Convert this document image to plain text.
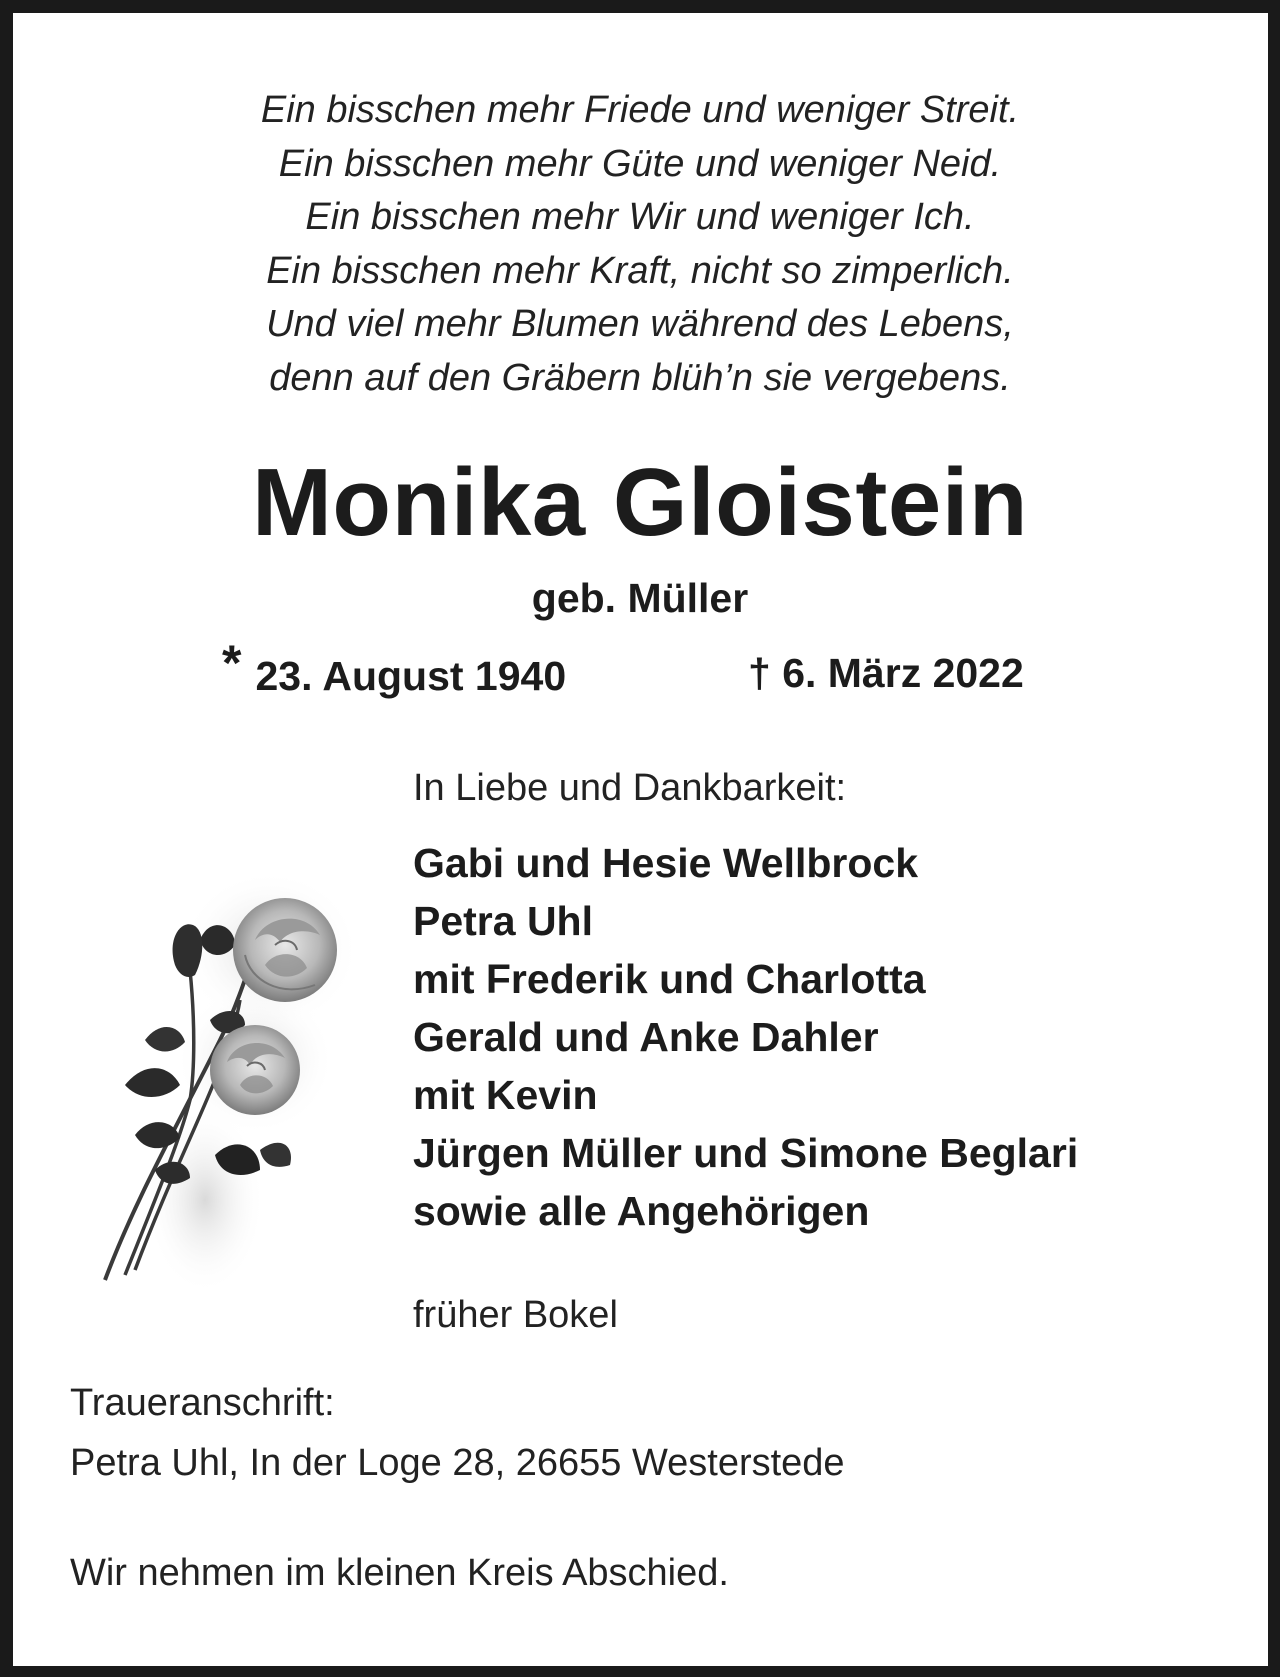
Ein bisschen mehr Friede und weniger Streit.
Ein bisschen mehr Güte und weniger Neid.
Ein bisschen mehr Wir und weniger Ich.
Ein bisschen mehr Kraft, nicht so zimperlich.
Und viel mehr Blumen während des Lebens,
denn auf den Gräbern blüh’n sie vergebens.
Monika Gloistein
geb. Müller
* 23. August 1940	† 6. März 2022
In Liebe und Dankbarkeit:
Gabi und Hesie Wellbrock
Petra Uhl
mit Frederik und Charlotta
Gerald und Anke Dahler
mit Kevin
Jürgen Müller und Simone Beglari
sowie alle Angehörigen
früher Bokel
Traueranschrift:
Petra Uhl, In der Loge 28, 26655 Westerstede
Wir nehmen im kleinen Kreis Abschied.
